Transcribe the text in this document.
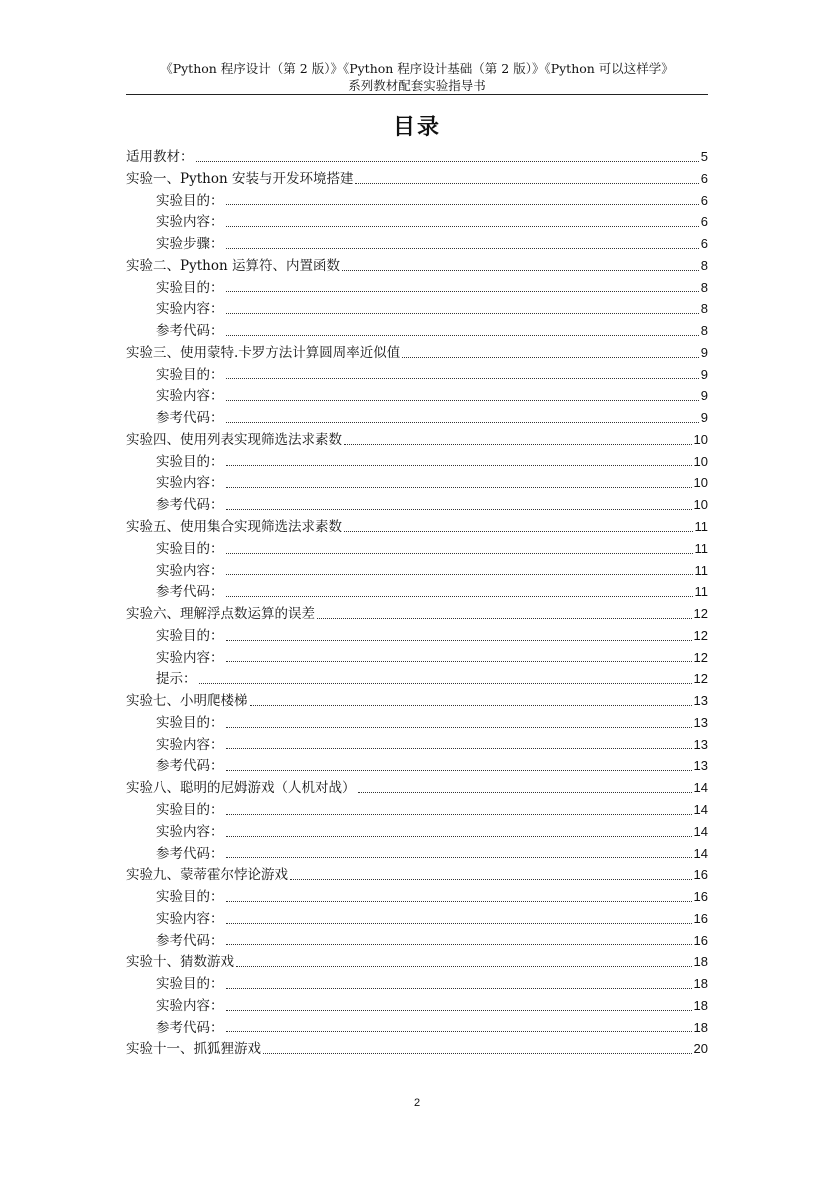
《Python 程序设计（第 2 版）》《Python 程序设计基础（第 2 版）》《Python 可以这样学》
系列教材配套实验指导书
目录
适用教材：	5
实验一、Python 安装与开发环境搭建	6
实验目的：	6
实验内容：	6
实验步骤：	6
实验二、Python 运算符、内置函数	8
实验目的：	8
实验内容：	8
参考代码：	8
实验三、使用蒙特.卡罗方法计算圆周率近似值	9
实验目的：	9
实验内容：	9
参考代码：	9
实验四、使用列表实现筛选法求素数	10
实验目的：	10
实验内容：	10
参考代码：	10
实验五、使用集合实现筛选法求素数	11
实验目的：	11
实验内容：	11
参考代码：	11
实验六、理解浮点数运算的误差	12
实验目的：	12
实验内容：	12
提示：	12
实验七、小明爬楼梯	13
实验目的：	13
实验内容：	13
参考代码：	13
实验八、聪明的尼姆游戏（人机对战）	14
实验目的：	14
实验内容：	14
参考代码：	14
实验九、蒙蒂霍尔悖论游戏	16
实验目的：	16
实验内容：	16
参考代码：	16
实验十、猜数游戏	18
实验目的：	18
实验内容：	18
参考代码：	18
实验十一、抓狐狸游戏	20
2
